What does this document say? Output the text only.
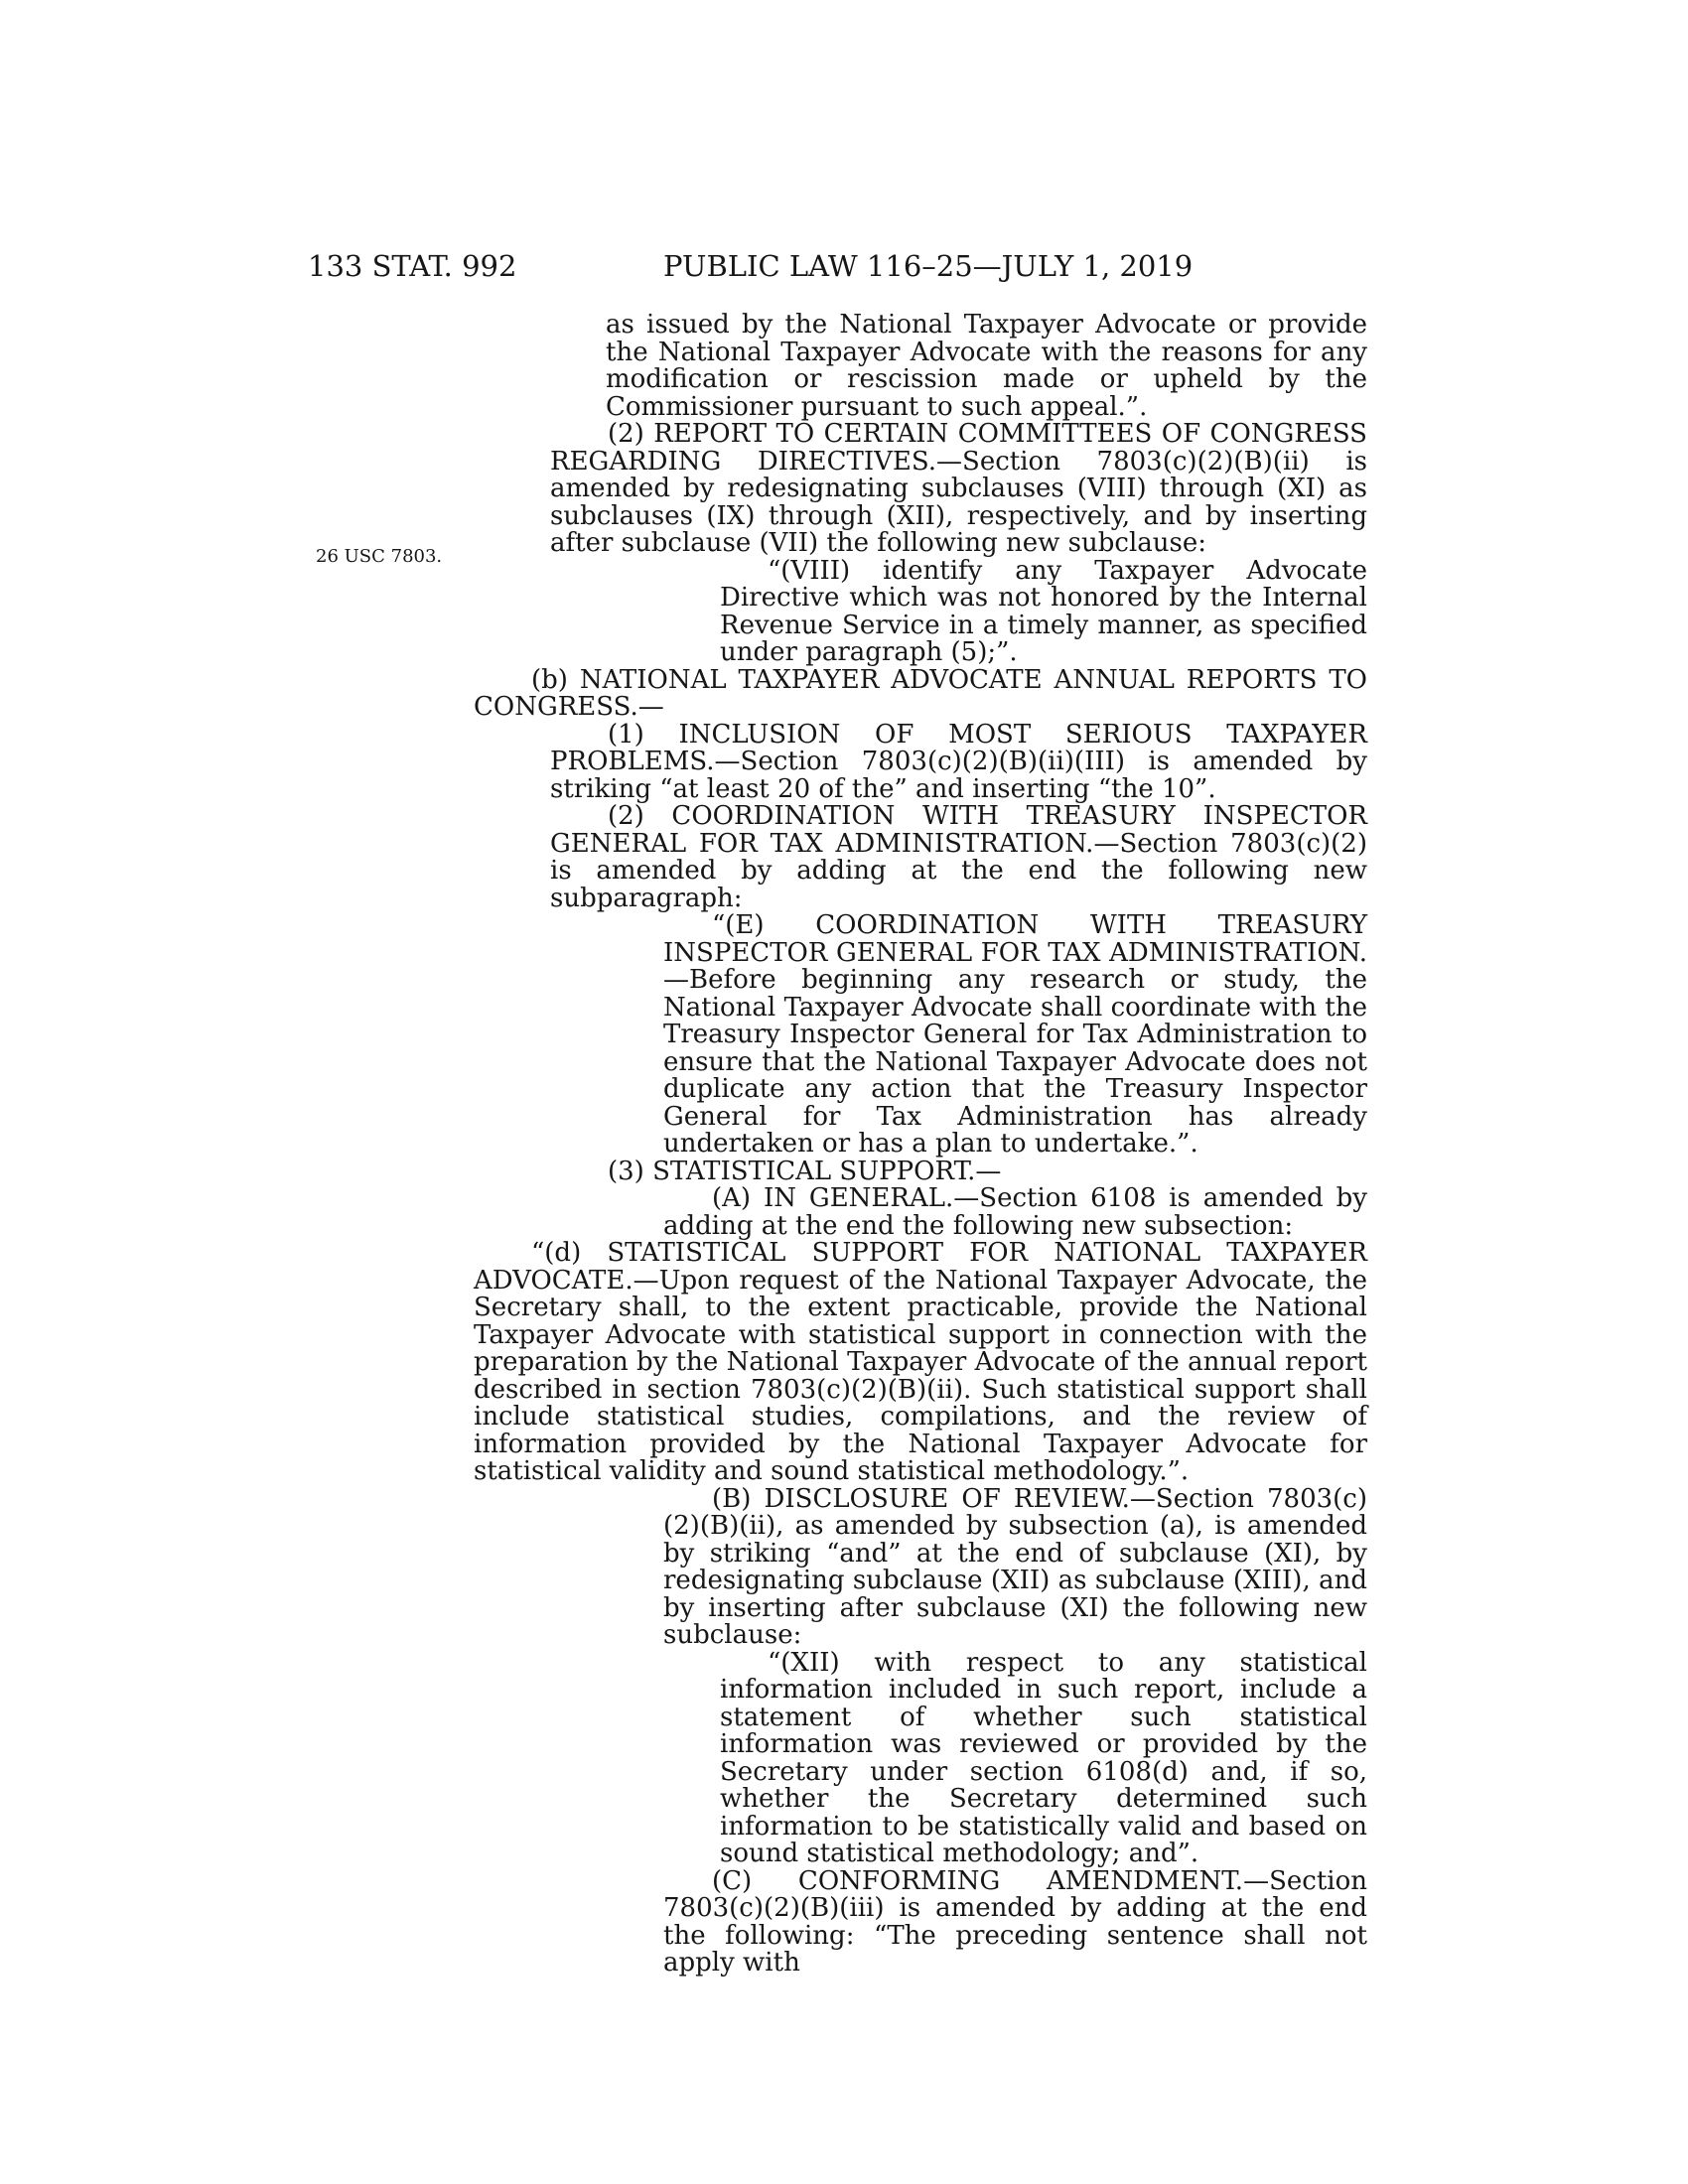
133 STAT. 992	PUBLIC LAW 116–25—JULY 1, 2019
26 USC 7803.

as issued by the National Taxpayer Advocate or provide the National Taxpayer Advocate with the reasons for any modification or rescission made or upheld by the Commissioner pursuant to such appeal.”.

(2) REPORT TO CERTAIN COMMITTEES OF CONGRESS REGARDING DIRECTIVES.—Section 7803(c)(2)(B)(ii) is amended by redesignating subclauses (VIII) through (XI) as subclauses (IX) through (XII), respectively, and by inserting after subclause (VII) the following new subclause:

“(VIII) identify any Taxpayer Advocate Directive which was not honored by the Internal Revenue Service in a timely manner, as specified under paragraph (5);”.

(b) NATIONAL TAXPAYER ADVOCATE ANNUAL REPORTS TO CONGRESS.—

(1) INCLUSION OF MOST SERIOUS TAXPAYER PROBLEMS.—Section 7803(c)(2)(B)(ii)(III) is amended by striking “at least 20 of the” and inserting “the 10”.

(2) COORDINATION WITH TREASURY INSPECTOR GENERAL FOR TAX ADMINISTRATION.—Section 7803(c)(2) is amended by adding at the end the following new subparagraph:

“(E) COORDINATION WITH TREASURY INSPECTOR GENERAL FOR TAX ADMINISTRATION.—Before beginning any research or study, the National Taxpayer Advocate shall coordinate with the Treasury Inspector General for Tax Administration to ensure that the National Taxpayer Advocate does not duplicate any action that the Treasury Inspector General for Tax Administration has already undertaken or has a plan to undertake.”.

(3) STATISTICAL SUPPORT.—

(A) IN GENERAL.—Section 6108 is amended by adding at the end the following new subsection:

“(d) STATISTICAL SUPPORT FOR NATIONAL TAXPAYER ADVOCATE.—Upon request of the National Taxpayer Advocate, the Secretary shall, to the extent practicable, provide the National Taxpayer Advocate with statistical support in connection with the preparation by the National Taxpayer Advocate of the annual report described in section 7803(c)(2)(B)(ii). Such statistical support shall include statistical studies, compilations, and the review of information provided by the National Taxpayer Advocate for statistical validity and sound statistical methodology.”.

(B) DISCLOSURE OF REVIEW.—Section 7803(c)(2)(B)(ii), as amended by subsection (a), is amended by striking “and” at the end of subclause (XI), by redesignating subclause (XII) as subclause (XIII), and by inserting after subclause (XI) the following new subclause:

“(XII) with respect to any statistical information included in such report, include a statement of whether such statistical information was reviewed or provided by the Secretary under section 6108(d) and, if so, whether the Secretary determined such information to be statistically valid and based on sound statistical methodology; and”.

(C) CONFORMING AMENDMENT.—Section 7803(c)(2)(B)(iii) is amended by adding at the end the following: “The preceding sentence shall not apply with
